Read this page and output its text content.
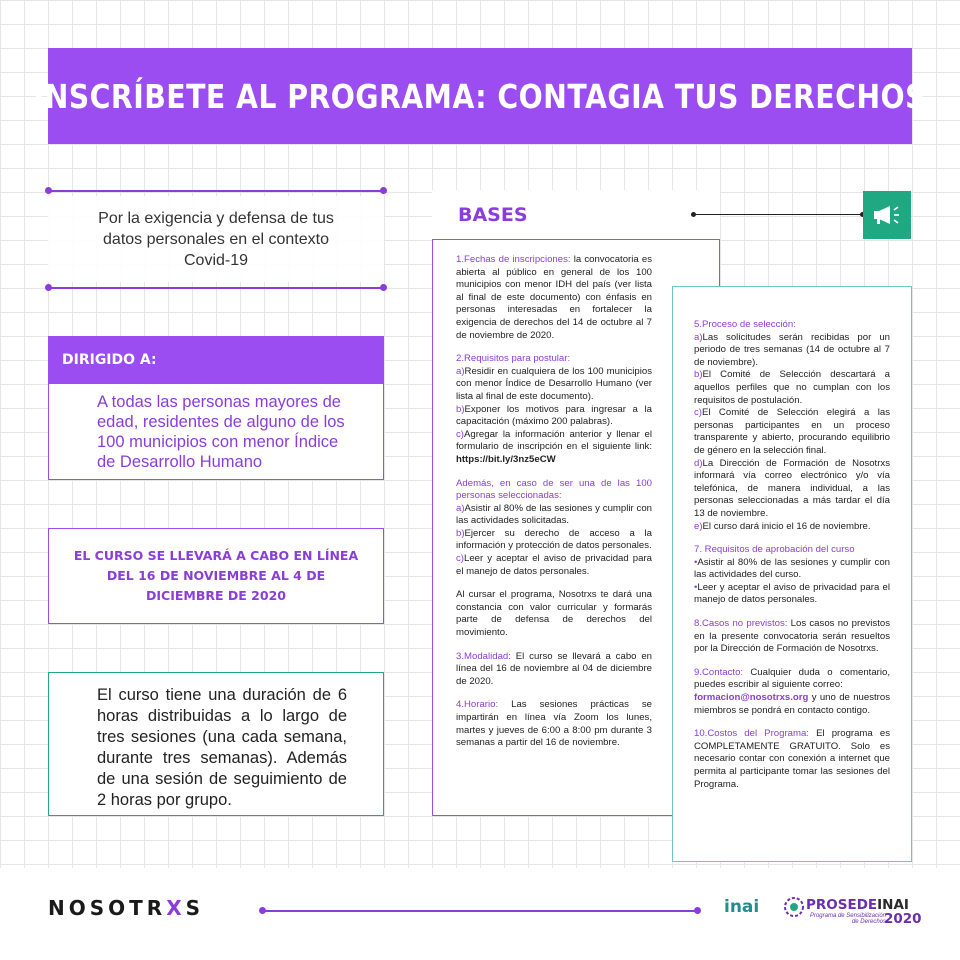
INSCRÍBETE AL PROGRAMA: CONTAGIA TUS DERECHOS
Por la exigencia y defensa de tus datos personales en el contexto Covid-19
DIRIGIDO A:
A todas las personas mayores de edad, residentes de alguno de los 100 municipios con menor Índice de Desarrollo Humano
EL CURSO SE LLEVARÁ A CABO EN LÍNEA DEL 16 DE NOVIEMBRE AL 4 DE DICIEMBRE DE 2020
El curso tiene una duración de 6 horas distribuidas a lo largo de tres sesiones (una cada semana, durante tres semanas). Además de una sesión de seguimiento de 2 horas por grupo.
BASES

1.Fechas de inscripciones: la convocatoria es abierta al público en general de los 100 municipios con menor IDH del país (ver lista al final de este documento) con énfasis en personas interesadas en fortalecer la exigencia de derechos del 14 de octubre al 7 de noviembre de 2020.

2.Requisitos para postular:
a)Residir en cualquiera de los 100 municipios con menor Índice de Desarrollo Humano (ver lista al final de este documento).
b)Exponer los motivos para ingresar a la capacitación (máximo 200 palabras).
c)Agregar la información anterior y llenar el formulario de inscripción en el siguiente link: https://bit.ly/3nz5eCW

Además, en caso de ser una de las 100 personas seleccionadas:
a)Asistir al 80% de las sesiones y cumplir con las actividades solicitadas.
b)Ejercer su derecho de acceso a la información y protección de datos personales.
c)Leer y aceptar el aviso de privacidad para el manejo de datos personales.

Al cursar el programa, Nosotrxs te dará una constancia con valor curricular y formarás parte de defensa de derechos del movimiento.

3.Modalidad: El curso se llevará a cabo en línea del 16 de noviembre al 04 de diciembre de 2020.

4.Horario: Las sesiones prácticas se impartirán en línea vía Zoom los lunes, martes y jueves de 6:00 a 8:00 pm durante 3 semanas a partir del 16 de noviembre.

5.Proceso de selección:
a)Las solicitudes serán recibidas por un periodo de tres semanas (14 de octubre al 7 de noviembre).
b)El Comité de Selección descartará a aquellos perfiles que no cumplan con los requisitos de postulación.
c)El Comité de Selección elegirá a las personas participantes en un proceso transparente y abierto, procurando equilibrio de género en la selección final.
d)La Dirección de Formación de Nosotrxs informará vía correo electrónico y/o vía telefónica, de manera individual, a las personas seleccionadas a más tardar el día 13 de noviembre.
e)El curso dará inicio el 16 de noviembre.

7. Requisitos de aprobación del curso
•Asistir al 80% de las sesiones y cumplir con las actividades del curso.
•Leer y aceptar el aviso de privacidad para el manejo de datos personales.

8.Casos no previstos: Los casos no previstos en la presente convocatoria serán resueltos por la Dirección de Formación de Nosotrxs.

9.Contacto: Cualquier duda o comentario, puedes escribir al siguiente correo:
formacion@nosotrxs.org y uno de nuestros miembros se pondrá en contacto contigo.

10.Costos del Programa: El programa es COMPLETAMENTE GRATUITO. Solo es necesario contar con conexión a internet que permita al participante tomar las sesiones del Programa.

NOSOTRXS	inai	PROSEDEINAI
Programa de Sensibilización de Derechos
2020
